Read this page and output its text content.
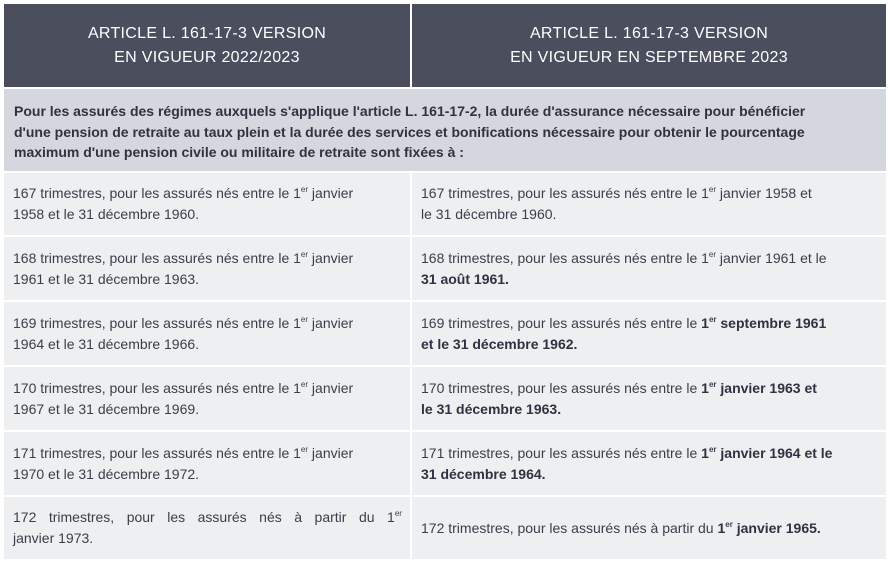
ARTICLE L. 161-17-3 VERSION
EN VIGUEUR 2022/2023
ARTICLE L. 161-17-3 VERSION
EN VIGUEUR EN SEPTEMBRE 2023
Pour les assurés des régimes auxquels s'applique l'article L. 161-17-2, la durée d'assurance nécessaire pour bénéficier
d'une pension de retraite au taux plein et la durée des services et bonifications nécessaire pour obtenir le pourcentage
maximum d'une pension civile ou militaire de retraite sont fixées à :
167 trimestres, pour les assurés nés entre le 1er janvier
1958 et le 31 décembre 1960.
167 trimestres, pour les assurés nés entre le 1er janvier 1958 et
le 31 décembre 1960.
168 trimestres, pour les assurés nés entre le 1er janvier
1961 et le 31 décembre 1963.
168 trimestres, pour les assurés nés entre le 1er janvier 1961 et le
31 août 1961.
169 trimestres, pour les assurés nés entre le 1er janvier
1964 et le 31 décembre 1966.
169 trimestres, pour les assurés nés entre le 1er septembre 1961
et le 31 décembre 1962.
170 trimestres, pour les assurés nés entre le 1er janvier
1967 et le 31 décembre 1969.
170 trimestres, pour les assurés nés entre le 1er janvier 1963 et
le 31 décembre 1963.
171 trimestres, pour les assurés nés entre le 1er janvier
1970 et le 31 décembre 1972.
171 trimestres, pour les assurés nés entre le 1er janvier 1964 et le
31 décembre 1964.
172 trimestres, pour les assurés nés à partir du 1er
janvier 1973.
172 trimestres, pour les assurés nés à partir du 1er janvier 1965.
